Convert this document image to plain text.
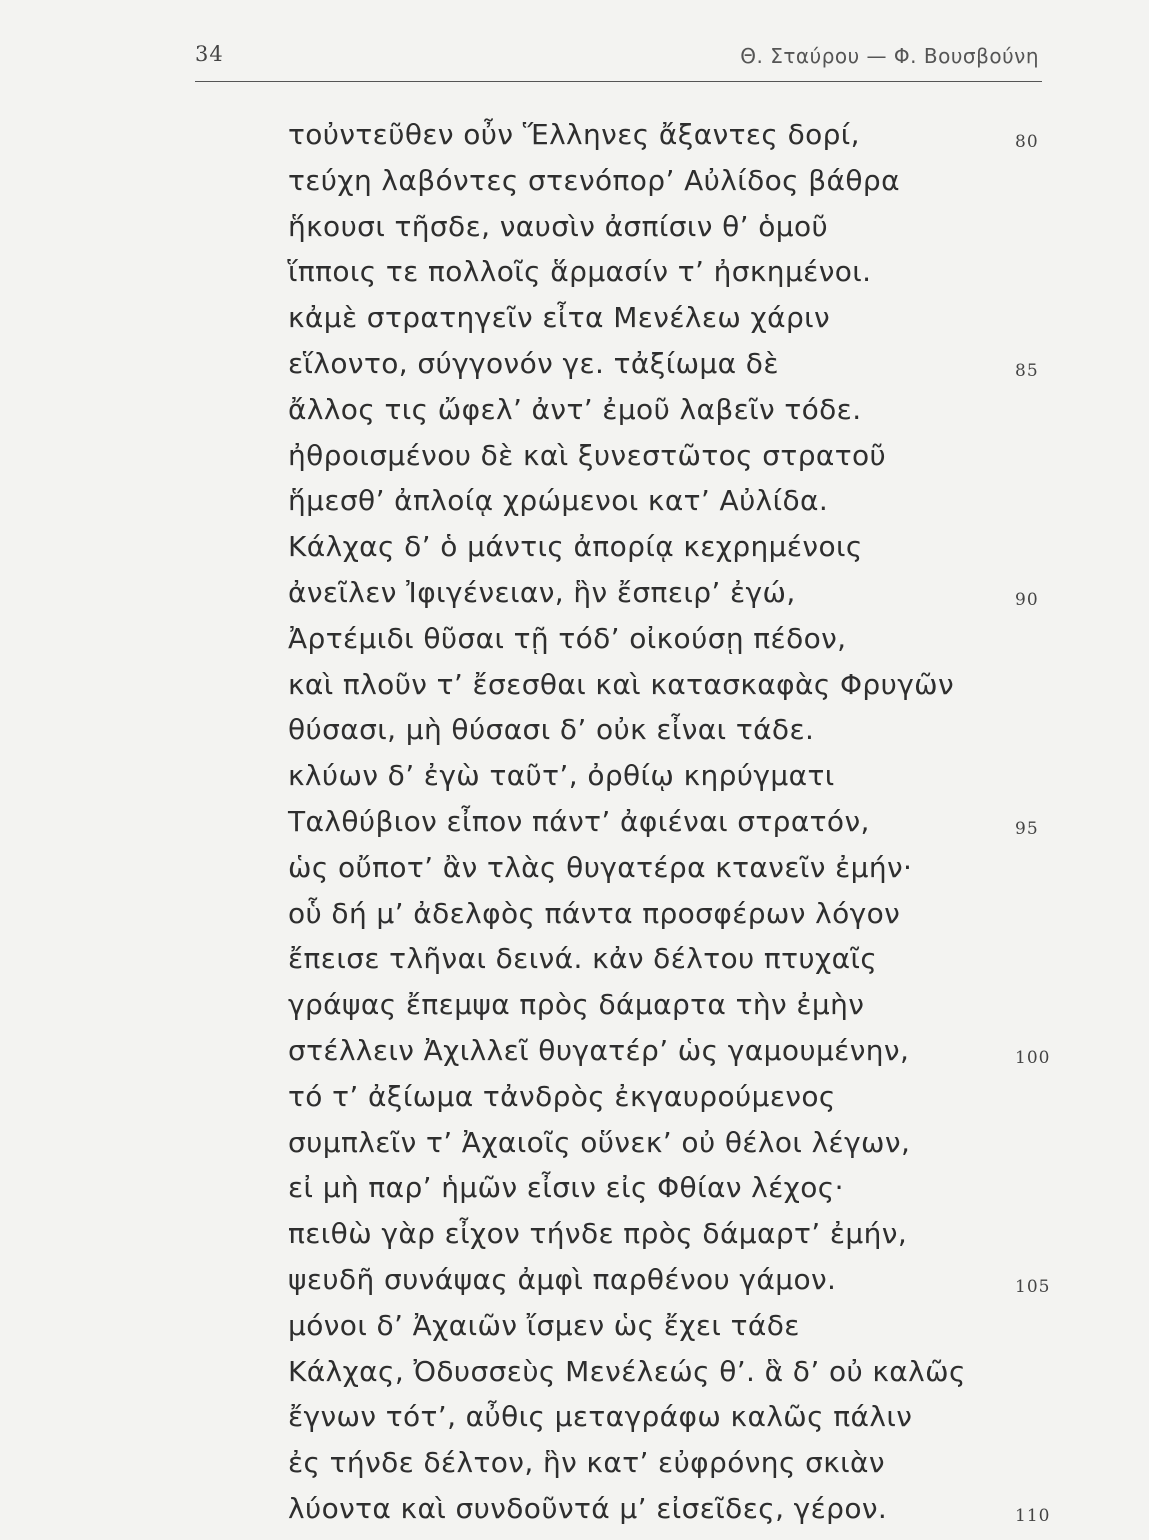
34	Θ. Σταύρου — Φ. Βουσβούνη
τοὐντεῦθεν οὖν Ἕλληνες ἄξαντες δορί,	80
τεύχη λαβόντες στενόπορ’ Αὐλίδος βάθρα
ἥκουσι τῆσδε, ναυσὶν ἀσπίσιν θ’ ὁμοῦ
ἵπποις τε πολλοῖς ἅρμασίν τ’ ἠσκημένοι.
κἀμὲ στρατηγεῖν εἶτα Μενέλεω χάριν
εἵλοντο, σύγγονόν γε. τἀξίωμα δὲ	85
ἄλλος τις ὤφελ’ ἀντ’ ἐμοῦ λαβεῖν τόδε.
ἠθροισμένου δὲ καὶ ξυνεστῶτος στρατοῦ
ἥμεσθ’ ἀπλοίᾳ χρώμενοι κατ’ Αὐλίδα.
Κάλχας δ’ ὁ μάντις ἀπορίᾳ κεχρημένοις
ἀνεῖλεν Ἰφιγένειαν, ἣν ἔσπειρ’ ἐγώ,	90
Ἀρτέμιδι θῦσαι τῇ τόδ’ οἰκούσῃ πέδον,
καὶ πλοῦν τ’ ἔσεσθαι καὶ κατασκαφὰς Φρυγῶν
θύσασι, μὴ θύσασι δ’ οὐκ εἶναι τάδε.
κλύων δ’ ἐγὼ ταῦτ’, ὀρθίῳ κηρύγματι
Ταλθύβιον εἶπον πάντ’ ἀφιέναι στρατόν,	95
ὡς οὔποτ’ ἂν τλὰς θυγατέρα κτανεῖν ἐμήν·
οὗ δή μ’ ἀδελφὸς πάντα προσφέρων λόγον
ἔπεισε τλῆναι δεινά. κἀν δέλτου πτυχαῖς
γράψας ἔπεμψα πρὸς δάμαρτα τὴν ἐμὴν
στέλλειν Ἀχιλλεῖ θυγατέρ’ ὡς γαμουμένην,	100
τό τ’ ἀξίωμα τἀνδρὸς ἐκγαυρούμενος
συμπλεῖν τ’ Ἀχαιοῖς οὕνεκ’ οὐ θέλοι λέγων,
εἰ μὴ παρ’ ἡμῶν εἶσιν εἰς Φθίαν λέχος·
πειθὼ γὰρ εἶχον τήνδε πρὸς δάμαρτ’ ἐμήν,
ψευδῆ συνάψας ἀμφὶ παρθένου γάμον.	105
μόνοι δ’ Ἀχαιῶν ἴσμεν ὡς ἔχει τάδε
Κάλχας, Ὀδυσσεὺς Μενέλεώς θ’. ἃ δ’ οὐ καλῶς
ἔγνων τότ’, αὖθις μεταγράφω καλῶς πάλιν
ἐς τήνδε δέλτον, ἣν κατ’ εὐφρόνης σκιὰν
λύοντα καὶ συνδοῦντά μ’ εἰσεῖδες, γέρον.	110
